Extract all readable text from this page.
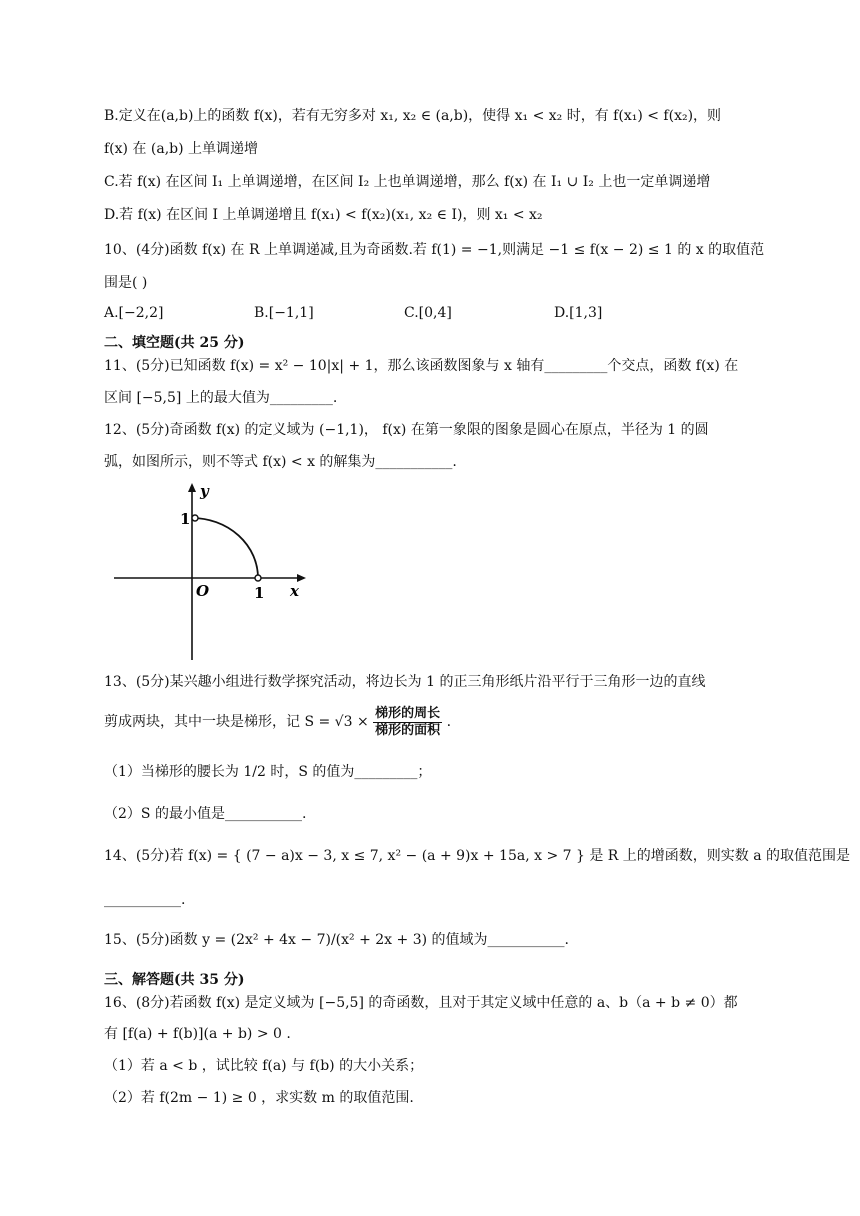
B.定义在(a,b)上的函数 f(x)，若有无穷多对 x₁, x₂ ∈ (a,b)，使得 x₁ < x₂ 时，有 f(x₁) < f(x₂)，则
f(x) 在 (a,b) 上单调递增
C.若 f(x) 在区间 I₁ 上单调递增，在区间 I₂ 上也单调递增，那么 f(x) 在 I₁ ∪ I₂ 上也一定单调递增
D.若 f(x) 在区间 I 上单调递增且 f(x₁) < f(x₂)(x₁, x₂ ∈ I)，则 x₁ < x₂
10、(4分)函数 f(x) 在 R 上单调递减,且为奇函数.若 f(1) = −1,则满足 −1 ≤ f(x − 2) ≤ 1 的 x 的取值范
围是( )
A.[−2,2]	B.[−1,1]	C.[0,4]	D.[1,3]
二、填空题(共 25 分)
11、(5分)已知函数 f(x) = x² − 10|x| + 1，那么该函数图象与 x 轴有_________个交点，函数 f(x) 在
区间 [−5,5] 上的最大值为_________.
12、(5分)奇函数 f(x) 的定义域为 (−1,1)， f(x) 在第一象限的图象是圆心在原点，半径为 1 的圆
弧，如图所示，则不等式 f(x) < x 的解集为___________.
y
x
O	1
1
13、(5分)某兴趣小组进行数学探究活动，将边长为 1 的正三角形纸片沿平行于三角形一边的直线
剪成两块，其中一块是梯形，记 $S = √3 \times \frac{\text{梯形的周长}}{\text{梯形的面积}}$ .
（1）当梯形的腰长为 1/2 时，S 的值为_________；
（2）S 的最小值是___________.
14、(5分)若 f(x) = { (7 − a)x − 3, x ≤ 7, x² − (a + 9)x + 15a, x > 7 } 是 R 上的增函数，则实数 a 的取值范围是
___________.
15、(5分)函数 y = (2x² + 4x − 7)/(x² + 2x + 3) 的值域为___________.
三、解答题(共 35 分)
16、(8分)若函数 f(x) 是定义域为 [−5,5] 的奇函数，且对于其定义域中任意的 a、b（a + b ≠ 0）都
有 [f(a) + f(b)](a + b) > 0 .
（1）若 a < b ，试比较 f(a) 与 f(b) 的大小关系；
（2）若 f(2m − 1) ≥ 0 ，求实数 m 的取值范围.
